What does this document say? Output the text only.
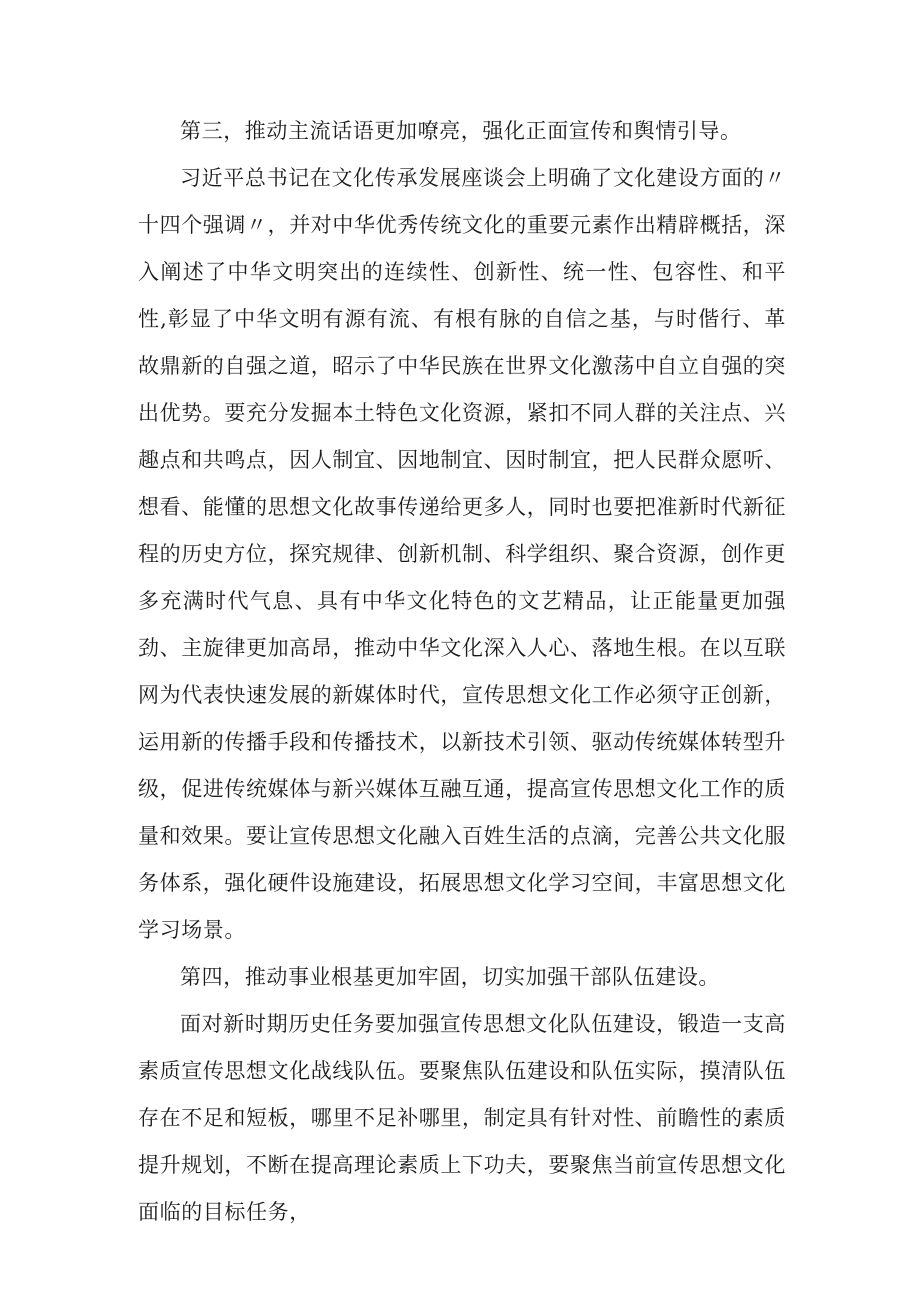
第三，推动主流话语更加嘹亮，强化正面宣传和舆情引导。

习近平总书记在文化传承发展座谈会上明确了文化建设方面的〃十四个强调〃，并对中华优秀传统文化的重要元素作出精辟概括，深入阐述了中华文明突出的连续性、创新性、统一性、包容性、和平性,彰显了中华文明有源有流、有根有脉的自信之基，与时偕行、革故鼎新的自强之道，昭示了中华民族在世界文化激荡中自立自强的突出优势。要充分发掘本土特色文化资源，紧扣不同人群的关注点、兴趣点和共鸣点，因人制宜、因地制宜、因时制宜，把人民群众愿听、想看、能懂的思想文化故事传递给更多人，同时也要把准新时代新征程的历史方位，探究规律、创新机制、科学组织、聚合资源，创作更多充满时代气息、具有中华文化特色的文艺精品，让正能量更加强劲、主旋律更加高昂，推动中华文化深入人心、落地生根。在以互联网为代表快速发展的新媒体时代，宣传思想文化工作必须守正创新，运用新的传播手段和传播技术，以新技术引领、驱动传统媒体转型升级，促进传统媒体与新兴媒体互融互通，提高宣传思想文化工作的质量和效果。要让宣传思想文化融入百姓生活的点滴，完善公共文化服务体系，强化硬件设施建设，拓展思想文化学习空间，丰富思想文化学习场景。

第四，推动事业根基更加牢固，切实加强干部队伍建设。

面对新时期历史任务要加强宣传思想文化队伍建设，锻造一支高素质宣传思想文化战线队伍。要聚焦队伍建设和队伍实际，摸清队伍存在不足和短板，哪里不足补哪里，制定具有针对性、前瞻性的素质提升规划，不断在提高理论素质上下功夫，要聚焦当前宣传思想文化面临的目标任务，
